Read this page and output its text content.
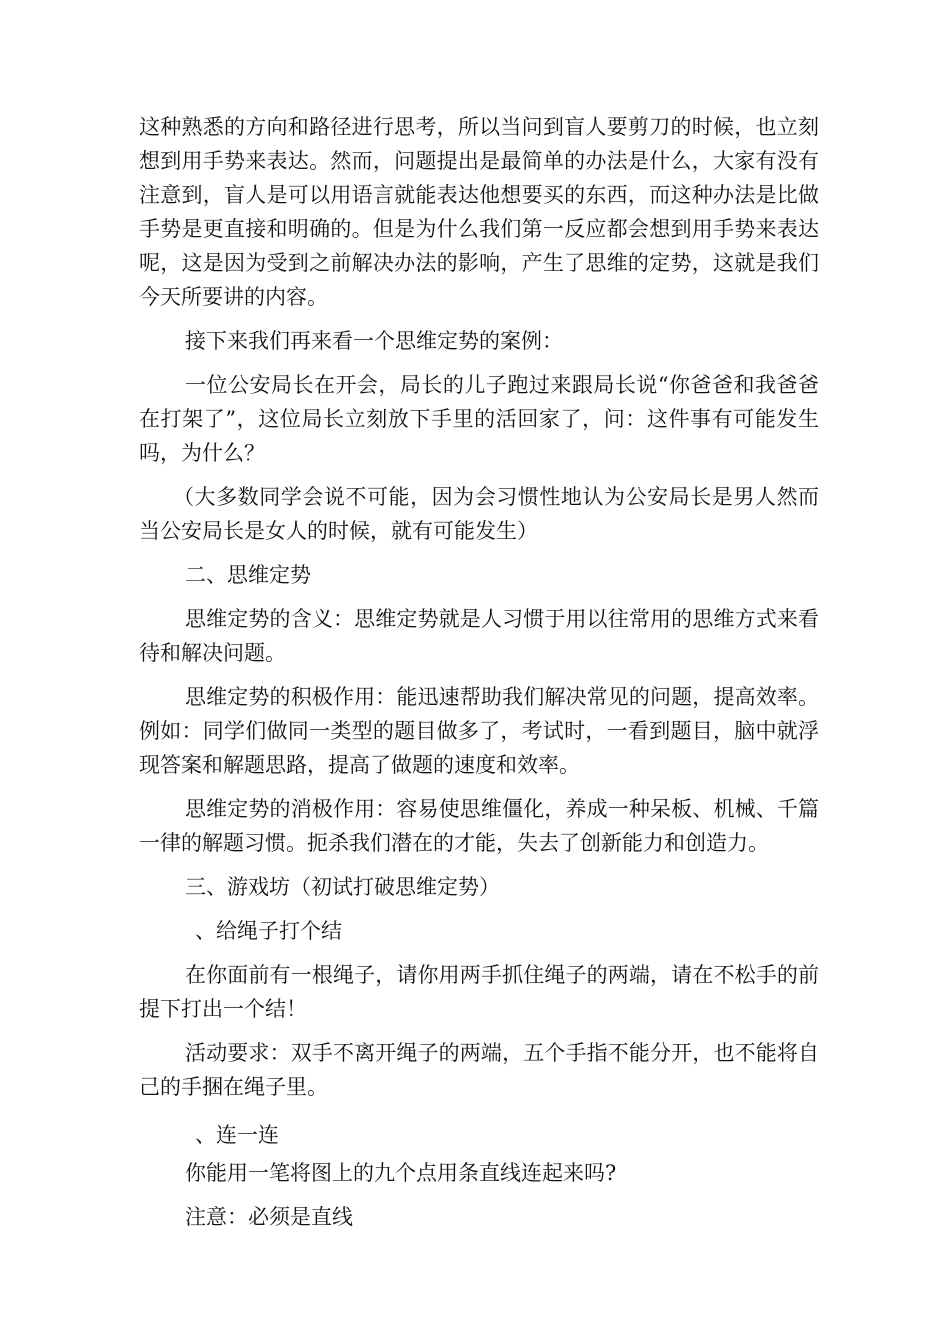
这种熟悉的方向和路径进行思考，所以当问到盲人要剪刀的时候，也立刻想到用手势来表达。然而，问题提出是最简单的办法是什么，大家有没有注意到，盲人是可以用语言就能表达他想要买的东西，而这种办法是比做手势是更直接和明确的。但是为什么我们第一反应都会想到用手势来表达呢，这是因为受到之前解决办法的影响，产生了思维的定势，这就是我们今天所要讲的内容。

接下来我们再来看一个思维定势的案例：

一位公安局长在开会，局长的儿子跑过来跟局长说“你爸爸和我爸爸在打架了”，这位局长立刻放下手里的活回家了，问：这件事有可能发生吗，为什么？

（大多数同学会说不可能，因为会习惯性地认为公安局长是男人然而当公安局长是女人的时候，就有可能发生）

二、思维定势

思维定势的含义：思维定势就是人习惯于用以往常用的思维方式来看待和解决问题。

思维定势的积极作用：能迅速帮助我们解决常见的问题，提高效率。例如：同学们做同一类型的题目做多了，考试时，一看到题目，脑中就浮现答案和解题思路，提高了做题的速度和效率。

思维定势的消极作用：容易使思维僵化，养成一种呆板、机械、千篇一律的解题习惯。扼杀我们潜在的才能，失去了创新能力和创造力。

三、游戏坊（初试打破思维定势）

、给绳子打个结

在你面前有一根绳子，请你用两手抓住绳子的两端，请在不松手的前提下打出一个结！

活动要求：双手不离开绳子的两端，五个手指不能分开，也不能将自己的手捆在绳子里。

、连一连

你能用一笔将图上的九个点用条直线连起来吗?

注意：必须是直线
